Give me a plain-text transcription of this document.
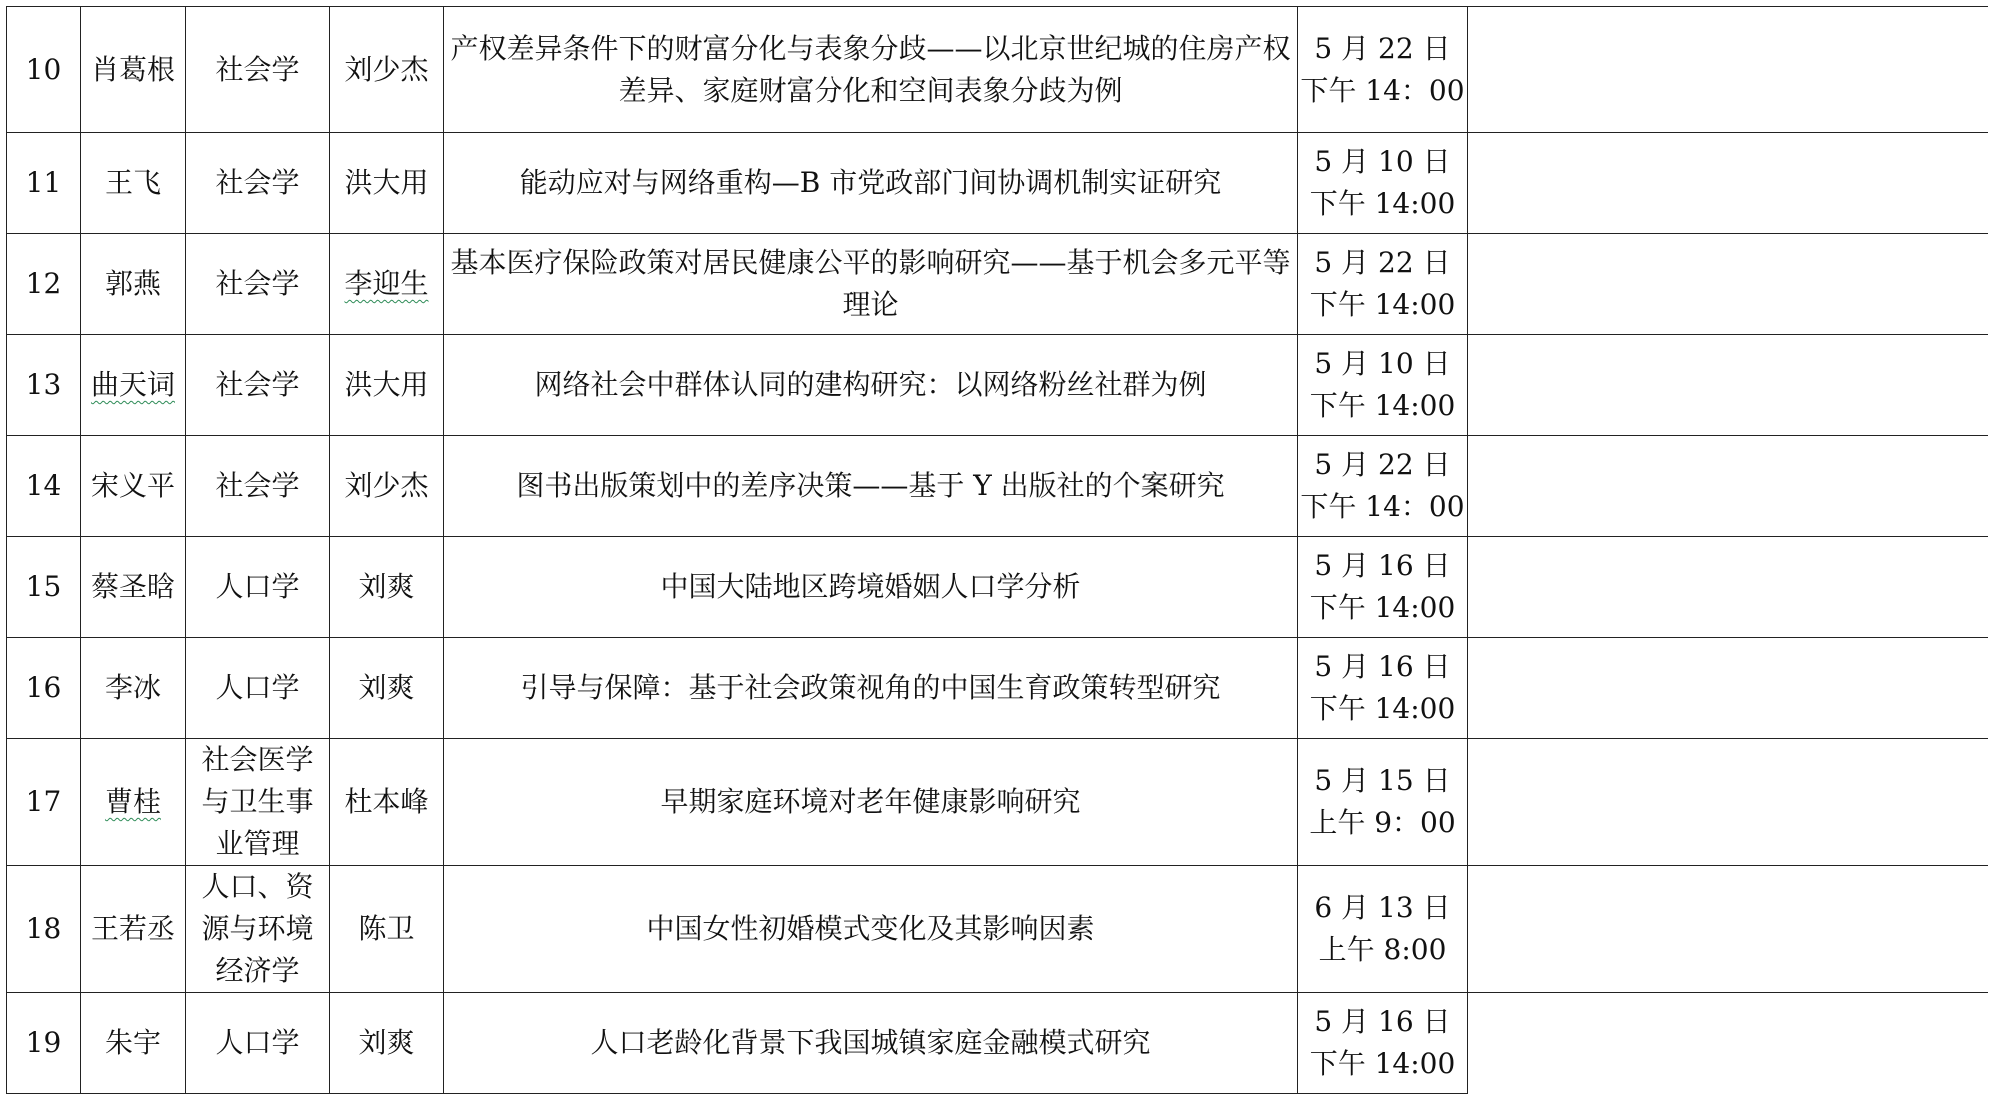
10	肖葛根	社会学	刘少杰	产权差异条件下的财富分化与表象分歧——以北京世纪城的住房产权差异、家庭财富分化和空间表象分歧为例	5 月 22 日
下午 14：00	

11	王飞	社会学	洪大用	能动应对与网络重构—B 市党政部门间协调机制实证研究	5 月 10 日
下午 14:00	

12	郭燕	社会学	李迎生	基本医疗保险政策对居民健康公平的影响研究——基于机会多元平等理论	5 月 22 日
下午 14:00	

13	曲天词	社会学	洪大用	网络社会中群体认同的建构研究：以网络粉丝社群为例	5 月 10 日
下午 14:00	

14	宋义平	社会学	刘少杰	图书出版策划中的差序决策——基于 Y 出版社的个案研究	5 月 22 日
下午 14：00	

15	蔡圣晗	人口学	刘爽	中国大陆地区跨境婚姻人口学分析	5 月 16 日
下午 14:00	

16	李冰	人口学	刘爽	引导与保障：基于社会政策视角的中国生育政策转型研究	5 月 16 日
下午 14:00	

17	曹桂	社会医学与卫生事业管理	杜本峰	早期家庭环境对老年健康影响研究	5 月 15 日
上午 9：00	

18	王若丞	人口、资源与环境经济学	陈卫	中国女性初婚模式变化及其影响因素	6 月 13 日
上午 8:00	

19	朱宇	人口学	刘爽	人口老龄化背景下我国城镇家庭金融模式研究	5 月 16 日
下午 14:00	
